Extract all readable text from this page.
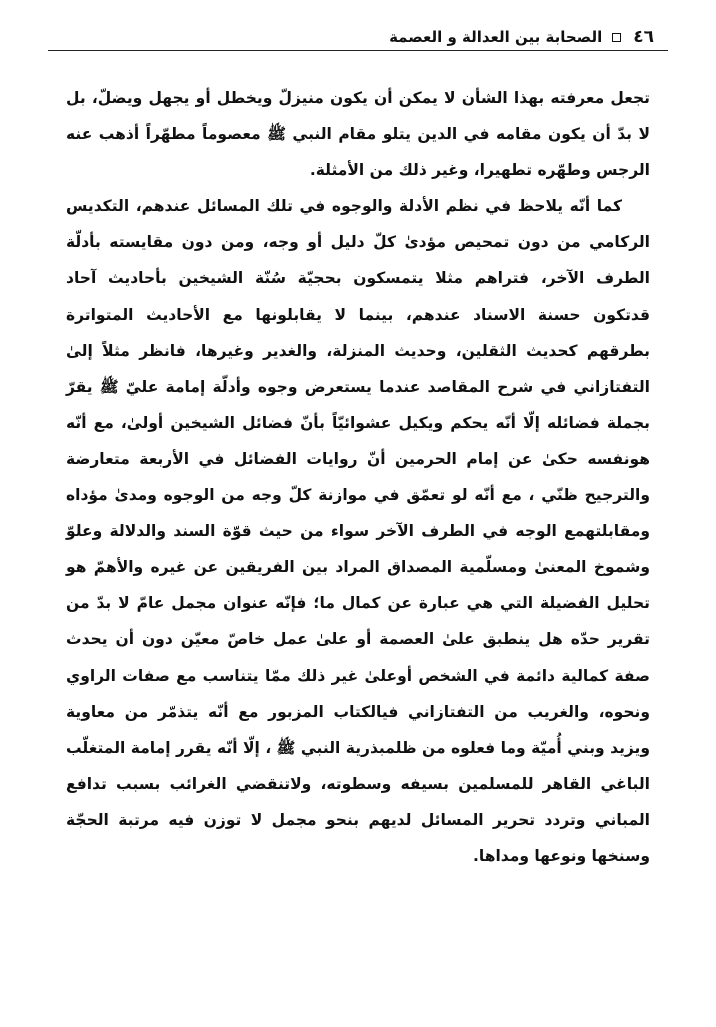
٤٦
الصحابة بين العدالة و العصمة

تجعل معرفته بهذا الشأن لا يمكن أن يكون منيزلّ ويخطل أو يجهل ويضلّ، بل لا بدّ أن يكون مقامه في الدين يتلو مقام النبي ﷺ معصوماً مطهّراً أذهب عنه الرجس وطهّره تطهيرا، وغير ذلك من الأمثلة.

كما أنّه يلاحظ في نظم الأدلة والوجوه في تلك المسائل عندهم، التكديس الركامي من دون تمحيص مؤدىٰ كلّ دليل أو وجه، ومن دون مقايسته بأدلّة الطرف الآخر، فتراهم مثلا يتمسكون بحجيّة سُنّة الشيخين بأحاديث آحاد قدتكون حسنة الاسناد عندهم، بينما لا يقابلونها مع الأحاديث المتواترة بطرقهم كحديث الثقلين، وحديث المنزلة، والغدير وغيرها، فانظر مثلاً إلىٰ التفتازاني في شرح المقاصد عندما يستعرض وجوه وأدلّة إمامة عليّ ﷺ يقرّ بجملة فضائله إلّا أنّه يحكم ويكيل عشوائيّاً بأنّ فضائل الشيخين أولىٰ، مع أنّه هونفسه حكىٰ عن إمام الحرمين أنّ روايات الفضائل في الأربعة متعارضة والترجيح ظنّي ، مع أنّه لو تعمّق في موازنة كلّ وجه من الوجوه ومدىٰ مؤداه ومقابلتهمع الوجه في الطرف الآخر سواء من حيث قوّة السند والدلالة وعلوّ وشموخ المعنىٰ ومسلّمية المصداق المراد بين الفريقين عن غيره والأهمّ هو تحليل الفضيلة التي هي عبارة عن كمال ما؛ فإنّه عنوان مجمل عامّ لا بدّ من تقرير حدّه هل ينطبق علىٰ العصمة أو علىٰ عمل خاصّ معيّن دون أن يحدث صفة كمالية دائمة في الشخص أوعلىٰ غير ذلك ممّا يتناسب مع صفات الراوي ونحوه، والغريب من التفتازاني فيالكتاب المزبور مع أنّه يتذمّر من معاوية ويزيد وبني أُميّة وما فعلوه من ظلمبذرية النبي ﷺ ، إلّا أنّه يقرر إمامة المتغلّب الباغي القاهر للمسلمين بسيفه وسطوته، ولاتنقضي الغرائب بسبب تدافع المباني وتردد تحرير المسائل لديهم بنحو مجمل لا توزن فيه مرتبة الحجّة وسنخها ونوعها ومداها.
